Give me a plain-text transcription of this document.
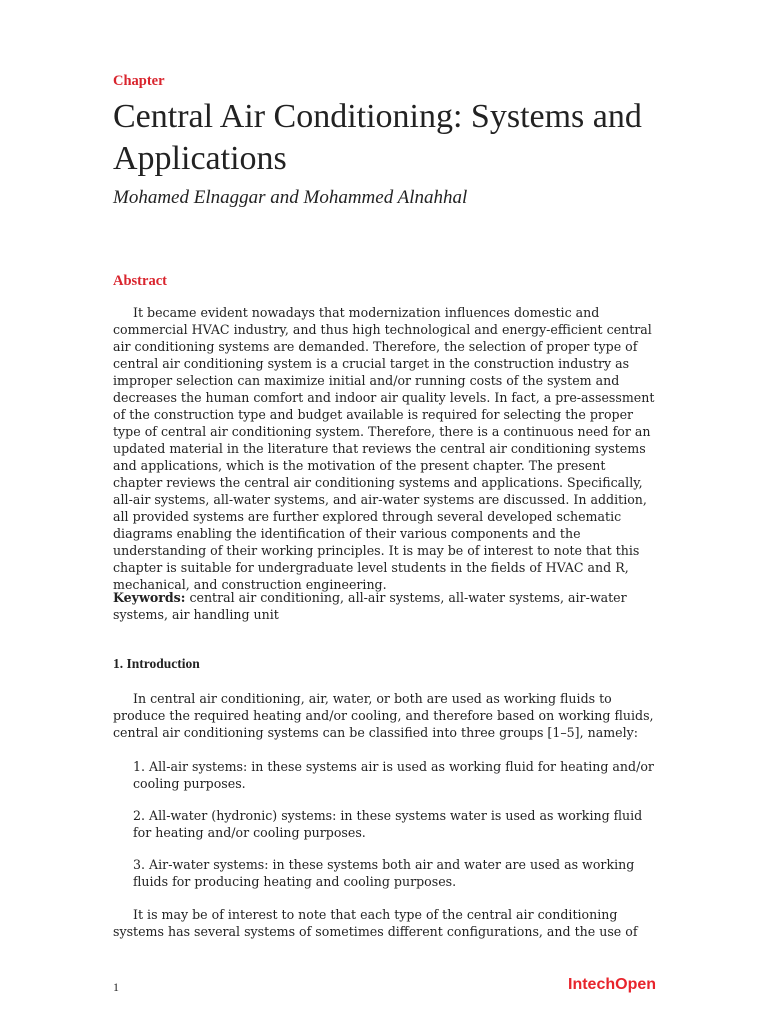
Chapter
Central Air Conditioning: Systems and Applications
Mohamed Elnaggar and Mohammed Alnahhal
Abstract

It became evident nowadays that modernization influences domestic and commercial HVAC industry, and thus high technological and energy-efficient central air conditioning systems are demanded. Therefore, the selection of proper type of central air conditioning system is a crucial target in the construction industry as improper selection can maximize initial and/or running costs of the system and decreases the human comfort and indoor air quality levels. In fact, a pre-assessment of the construction type and budget available is required for selecting the proper type of central air conditioning system. Therefore, there is a continuous need for an updated material in the literature that reviews the central air conditioning systems and applications, which is the motivation of the present chapter. The present chapter reviews the central air conditioning systems and applications. Specifically, all-air systems, all-water systems, and air-water systems are discussed. In addition, all provided systems are further explored through several developed schematic diagrams enabling the identification of their various components and the understanding of their working principles. It is may be of interest to note that this chapter is suitable for undergraduate level students in the fields of HVAC and R, mechanical, and construction engineering.

Keywords: central air conditioning, all-air systems, all-water systems, air-water systems, air handling unit

1. Introduction

In central air conditioning, air, water, or both are used as working fluids to produce the required heating and/or cooling, and therefore based on working fluids, central air conditioning systems can be classified into three groups [1–5], namely:

1. All-air systems: in these systems air is used as working fluid for heating and/or cooling purposes.

2. All-water (hydronic) systems: in these systems water is used as working fluid for heating and/or cooling purposes.

3. Air-water systems: in these systems both air and water are used as working fluids for producing heating and cooling purposes.

It is may be of interest to note that each type of the central air conditioning systems has several systems of sometimes different configurations, and the use of

1	IntechOpen
